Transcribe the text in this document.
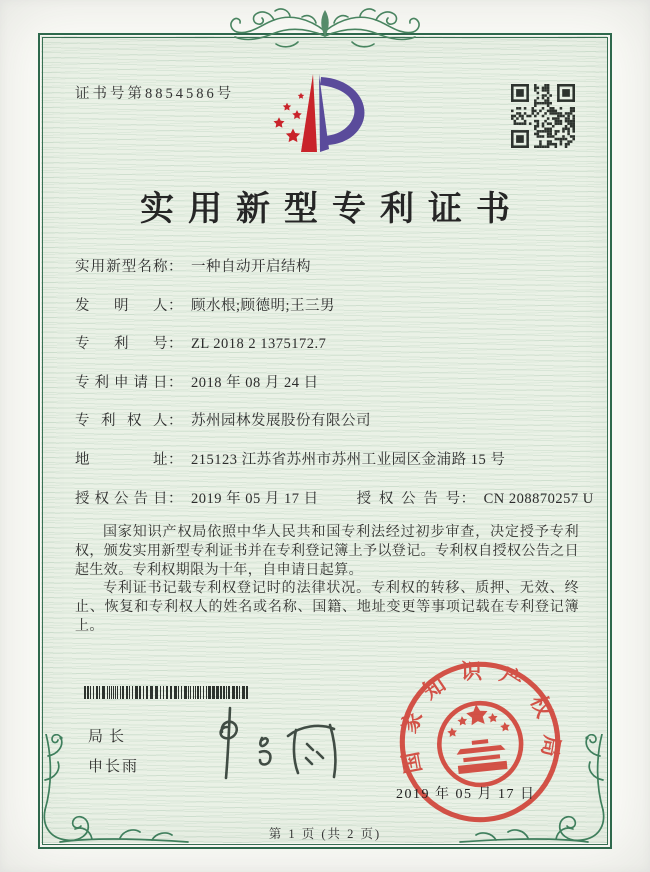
证书号第8854586号
实用新型专利证书
实用新型名称： 一种自动开启结构
发明人： 顾水根;顾德明;王三男
专利号： ZL 2018 2 1375172.7
专利申请日： 2018 年 08 月 24 日
专利权人： 苏州园林发展股份有限公司
地址： 215123 江苏省苏州市苏州工业园区金浦路 15 号
授权公告日： 2019 年 05 月 17 日	授权公告号： CN 208870257 U

国家知识产权局依照中华人民共和国专利法经过初步审查，决定授予专利权，颁发实用新型专利证书并在专利登记簿上予以登记。专利权自授权公告之日起生效。专利权期限为十年，自申请日起算。

专利证书记载专利权登记时的法律状况。专利权的转移、质押、无效、终止、恢复和专利权人的姓名或名称、国籍、地址变更等事项记载在专利登记簿上。

局长
申长雨	国家知识产权局
2019 年 05 月 17 日
第 1 页 (共 2 页)
